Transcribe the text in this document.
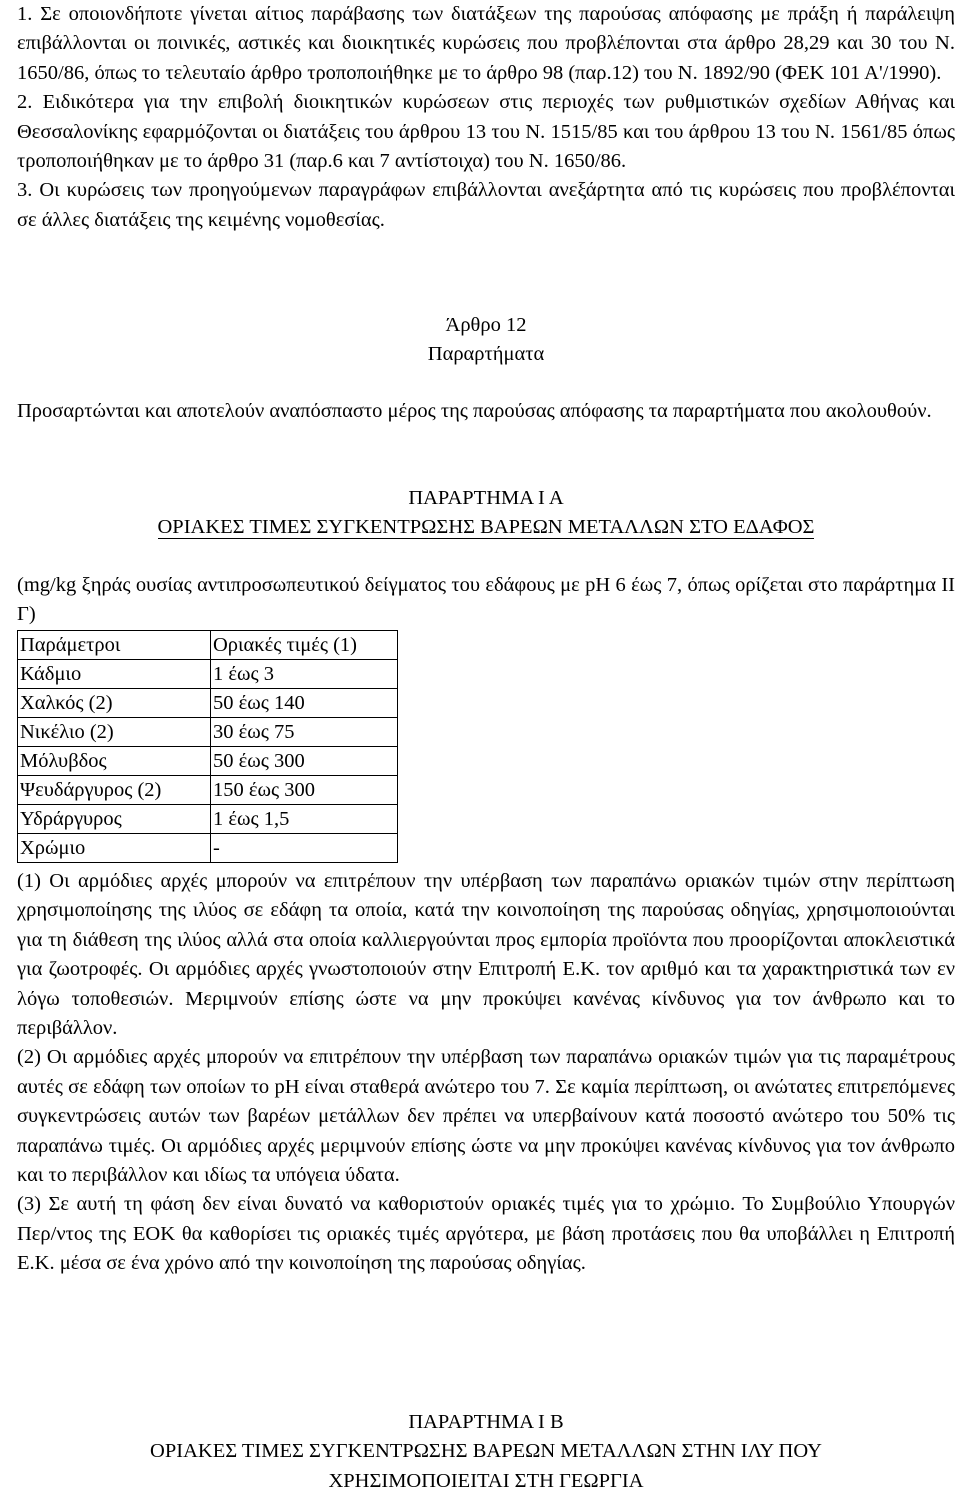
1. Σε οποιονδήποτε γίνεται αίτιος παράβασης των διατάξεων της παρούσας απόφασης με πράξη ή παράλειψη επιβάλλονται οι ποινικές, αστικές και διοικητικές κυρώσεις που προβλέπονται στα άρθρο 28,29 και 30 του Ν. 1650/86, όπως το τελευταίο άρθρο τροποποιήθηκε με το άρθρο 98 (παρ.12) του Ν. 1892/90 (ΦΕΚ 101 Α'/1990).

2. Ειδικότερα για την επιβολή διοικητικών κυρώσεων στις περιοχές των ρυθμιστικών σχεδίων Αθήνας και Θεσσαλονίκης εφαρμόζονται οι διατάξεις του άρθρου 13 του Ν. 1515/85 και του άρθρου 13 του Ν. 1561/85 όπως τροποποιήθηκαν με το άρθρο 31 (παρ.6 και 7 αντίστοιχα) του Ν. 1650/86.

3. Οι κυρώσεις των προηγούμενων παραγράφων επιβάλλονται ανεξάρτητα από τις κυρώσεις που προβλέπονται σε άλλες διατάξεις της κειμένης νομοθεσίας.

Άρθρο 12

Παραρτήματα

Προσαρτώνται και αποτελούν αναπόσπαστο μέρος της παρούσας απόφασης τα παραρτήματα που ακολουθούν.

ΠΑΡΑΡΤΗΜΑ Ι Α

ΟΡΙΑΚΕΣ ΤΙΜΕΣ ΣΥΓΚΕΝΤΡΩΣΗΣ ΒΑΡΕΩΝ ΜΕΤΑΛΛΩΝ ΣΤΟ ΕΔΑΦΟΣ

(mg/kg ξηράς ουσίας αντιπροσωπευτικού δείγματος του εδάφους με pH 6 έως 7, όπως ορίζεται στο παράρτημα ΙΙ Γ)
Παράμετροι	Οριακές τιμές (1)
Κάδμιο	1 έως 3
Χαλκός (2)	50 έως 140
Νικέλιο (2)	30 έως 75
Μόλυβδος	50 έως 300
Ψευδάργυρος (2)	150 έως 300
Υδράργυρος	1 έως 1,5
Χρώμιο	-

(1) Οι αρμόδιες αρχές μπορούν να επιτρέπουν την υπέρβαση των παραπάνω οριακών τιμών στην περίπτωση χρησιμοποίησης της ιλύος σε εδάφη τα οποία, κατά την κοινοποίηση της παρούσας οδηγίας, χρησιμοποιούνται για τη διάθεση της ιλύος αλλά στα οποία καλλιεργούνται προς εμπορία προϊόντα που προορίζονται αποκλειστικά για ζωοτροφές. Οι αρμόδιες αρχές γνωστοποιούν στην Επιτροπή Ε.Κ. τον αριθμό και τα χαρακτηριστικά των εν λόγω τοποθεσιών. Μεριμνούν επίσης ώστε να μην προκύψει κανένας κίνδυνος για τον άνθρωπο και το περιβάλλον.

(2) Οι αρμόδιες αρχές μπορούν να επιτρέπουν την υπέρβαση των παραπάνω οριακών τιμών για τις παραμέτρους αυτές σε εδάφη των οποίων το pH είναι σταθερά ανώτερο του 7. Σε καμία περίπτωση, οι ανώτατες επιτρεπόμενες συγκεντρώσεις αυτών των βαρέων μετάλλων δεν πρέπει να υπερβαίνουν κατά ποσοστό ανώτερο του 50% τις παραπάνω τιμές. Οι αρμόδιες αρχές μεριμνούν επίσης ώστε να μην προκύψει κανένας κίνδυνος για τον άνθρωπο και το περιβάλλον και ιδίως τα υπόγεια ύδατα.

(3) Σε αυτή τη φάση δεν είναι δυνατό να καθοριστούν οριακές τιμές για το χρώμιο. Το Συμβούλιο Υπουργών Περ/ντος της ΕΟΚ θα καθορίσει τις οριακές τιμές αργότερα, με βάση προτάσεις που θα υποβάλλει η Επιτροπή Ε.Κ. μέσα σε ένα χρόνο από την κοινοποίηση της παρούσας οδηγίας.

ΠΑΡΑΡΤΗΜΑ Ι Β

ΟΡΙΑΚΕΣ ΤΙΜΕΣ ΣΥΓΚΕΝΤΡΩΣΗΣ ΒΑΡΕΩΝ ΜΕΤΑΛΛΩΝ ΣΤΗΝ ΙΛΥ ΠΟΥ

ΧΡΗΣΙΜΟΠΟΙΕΙΤΑΙ ΣΤΗ ΓΕΩΡΓΙΑ
